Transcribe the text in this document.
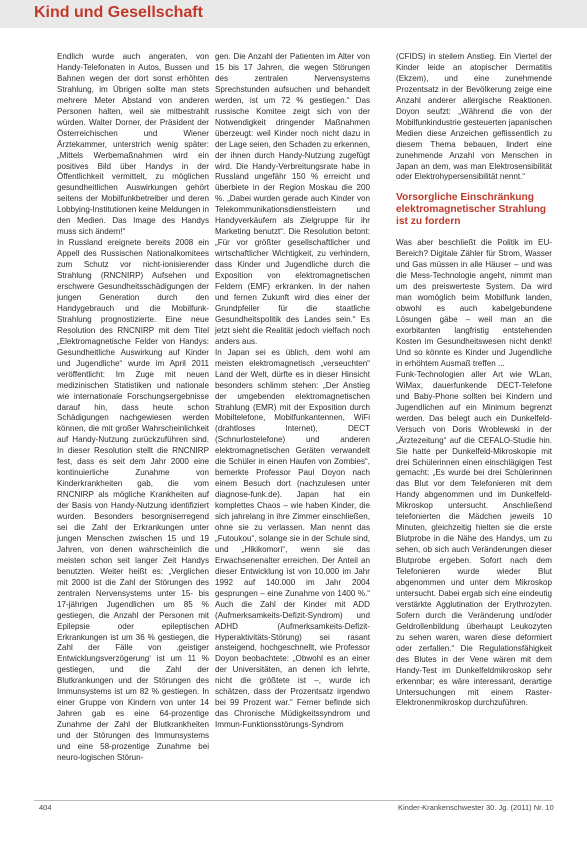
Kind und Gesellschaft

Endlich wurde auch angeraten, von Handy-Telefonaten in Autos, Bussen und Bahnen wegen der dort sonst erhöhten Strahlung, im Übrigen sollte man stets mehrere Meter Abstand von anderen Personen halten, weil sie mitbestrahlt würden. Walter Dorner, der Präsident der Österreichischen und Wiener Ärztekammer, unterstrich wenig später: „Mittels Werbemaßnahmen wird ein positives Bild über Handys in der Öffentlichkeit vermittelt, zu möglichen gesundheitlichen Auswirkungen gehört seitens der Mobilfunkbetreiber und deren Lobbying-Institutionen keine Meldungen in den Medien. Das Image des Handys muss sich ändern!“

In Russland ereignete bereits 2008 ein Appell des Russischen Nationalkomitees zum Schutz vor nicht-ionisierender Strahlung (RNCNIRP) Aufsehen und erschwere Gesundheitsschädigungen der jungen Generation durch den Handygebrauch und die Mobilfunk-Strahlung prognostizierte. Eine neue Resolution des RNCNIRP mit dem Titel „Elektromagnetische Felder von Handys: Gesundheitliche Auswirkung auf Kinder und Jugendliche“ wurde im April 2011 veröffentlicht: Im Zuge mit neuen medizinischen Statistiken und nationale wie internationale Forschungsergebnisse darauf hin, dass heute schon Schädigungen nachgewiesen werden können, die mit großer Wahrscheinlichkeit auf Handy-Nutzung zurückzuführen sind. In dieser Resolution stellt die RNCNIRP fest, dass es seit dem Jahr 2000 eine kontinuierliche Zunahme von Kinderkrankheiten gab, die vom RNCNIRP als mögliche Krankheiten auf der Basis von Handy-Nutzung identifiziert wurden. Besonders besorgniserregend sei die Zahl der Erkrankungen unter jungen Menschen zwischen 15 und 19 Jahren, von denen wahrscheinlich die meisten schon seit langer Zeit Handys benutzten. Weiter heißt es: „Verglichen mit 2000 ist die Zahl der Störungen des zentralen Nervensystems unter 15- bis 17-jährigen Jugendlichen um 85 % gestiegen, die Anzahl der Personen mit Epilepsie oder epileptischen Erkrankungen ist um 36 % gestiegen, die Zahl der Fälle von ‚geistiger Entwicklungsverzögerung‘ ist um 11 % gestiegen, und die Zahl der Blutkrankungen und der Störungen des Immunsystems ist um 82 % gestiegen. In einer Gruppe von Kindern von unter 14 Jahren gab es eine 64-prozentige Zunahme der Zahl der Blutkrankheiten und der Störungen des Immunsystems und eine 58-prozentige Zunahme bei neuro-logischen Störun-

gen. Die Anzahl der Patienten im Alter von 15 bis 17 Jahren, die wegen Störungen des zentralen Nervensystems Sprechstunden aufsuchen und behandelt werden, ist um 72 % gestiegen.“ Das russische Komitee zeigt sich von der Notwendigkeit dringender Maßnahmen überzeugt: weil Kinder noch nicht dazu in der Lage seien, den Schaden zu erkennen, der ihnen durch Handy-Nutzung zugefügt wird. Die Handy-Verbreitungsrate habe in Russland ungefähr 150 % erreicht und überbiete in der Region Moskau die 200 %. „Dabei wurden gerade auch Kinder von Telekommunikationsdienstleistern und Handyverkäufern als Zielgruppe für ihr Marketing benutzt“. Die Resolution betont: „Für vor größter gesellschaftlicher und wirtschaftlicher Wichtigkeit, zu verhindern, dass Kinder und Jugendliche durch die Exposition von elektromagnetischen Feldern (EMF) erkranken. In der nahen und fernen Zukunft wird dies einer der Grundpfeiler für die staatliche Gesundheitspolitik des Landes sein.“ Es jetzt sieht die Realität jedoch vielfach noch anders aus.

In Japan sei es üblich, dem wohl am meisten elektromagnetisch „verseuchten“ Land der Welt, dürfte es in dieser Hinsicht besonders schlimm stehen: „Der Anstieg der umgebenden elektromagnetischen Strahlung (EMR) mit der Exposition durch Mobiltelefone, Mobilfunkantennen, WiFi (drahtloses Internet), DECT (Schnurlostelefone) und anderen elektromagnetischen Geräten verwandelt die Schüler in einen Haufen von Zombies“, bemerkte Professor Paul Doyon nach einem Besuch dort (nachzulesen unter diagnose-funk.de). Japan hat ein komplettes Chaos – wie haben Kinder, die sich jahrelang in ihre Zimmer einschließen, ohne sie zu verlassen. Man nennt das „Futoukou“, solange sie in der Schule sind, und „Hikikomori“, wenn sie das Erwachsenenalter erreichen. Der Anteil an dieser Entwicklung ist von 10.000 im Jahr 1992 auf 140.000 im Jahr 2004 gesprungen – eine Zunahme von 1400 %.“ Auch die Zahl der Kinder mit ADD (Aufmerksamkeits-Defizit-Syndrom) und ADHD (Aufmerksamkeits-Defizit-Hyperaktivitäts-Störung) sei rasant ansteigend, hochgeschnellt, wie Professor Doyon beobachtete: „Obwohl es an einer der Universitäten, an denen ich lehrte, nicht die größtete ist –, wurde ich schätzen, dass der Prozentsatz irgendwo bei 99 Prozent war.“ Ferner befinde sich das Chronische Müdigkeitssyndrom und Immun-Funktionsstörungs-Syndrom

(CFIDS) in steilem Anstieg. Ein Viertel der Kinder leide an atopischer Dermatitis (Ekzem), und eine zunehmende Prozentsatz in der Bevölkerung zeige eine Anzahl anderer allergische Reaktionen. Doyon seufzt: „Während die von der Mobilfunkindustrie gesteuerten japanischen Medien diese Anzeichen geflissentlich zu diesem Thema bebauen, lindert eine zunehmende Anzahl von Menschen in Japan an dem, was man Elektrosensibilität oder Elektrohypersensibilität nennt.“

Vorsorgliche Einschränkung elektromagnetischer Strahlung ist zu fordern

Was aber beschließt die Politik im EU-Bereich? Digitale Zähler für Strom, Wasser und Gas müssen in alle Häuser – und was die Mess-Technologie angeht, nimmt man um des preiswerteste System. Da wird man womöglich beim Mobilfunk landen, obwohl es auch kabelgebundene Lösungen gäbe – weil man an die exorbitanten langfristig entstehenden Kosten im Gesundheitswesen nicht denkt! Und so könnte es Kinder und Jugendliche in erhöhtem Ausmaß treffen ...

Funk-Technologien aller Art wie WLan, WiMax, dauerfunkende DECT-Telefone und Baby-Phone sollten bei Kindern und Jugendlichen auf ein Minimum begrenzt werden. Das belegt auch ein Dunkelfeld-Versuch von Doris Wroblewski in der „Ärztezeitung“ auf die CEFALO-Studie hin. Sie hatte per Dunkelfeld-Mikroskopie mit drei Schülerinnen einen einschlägigen Test gemacht: „Es wurde bei drei Schülerinnen das Blut vor dem Telefonieren mit dem Handy abgenommen und im Dunkelfeld-Mikroskop untersucht. Anschließend telefonierten die Mädchen jeweils 10 Minuten, gleichzeitig hielten sie die erste Blutprobe in die Nähe des Handys, um zu sehen, ob sich auch Veränderungen dieser Blutprobe ergeben. Sofort nach dem Telefonieren wurde wieder Blut abgenommen und unter dem Mikroskop untersucht. Dabei ergab sich eine eindeutig verstärkte Agglutination der Erythrozyten. Sofern durch die Veränderung und/oder Geldrollenbildung überhaupt Leukozyten zu sehen waren, waren diese deformiert oder zerfallen.“ Die Regulationsfähigkeit des Blutes in der Vene wären mit dem Handy-Test im Dunkelfeldmikroskop sehr erkennbar; es wäre interessant, derartige Untersuchungen mit einem Raster-Elektronenmikroskop durchzuführen.

404	Kinder-Krankenschwester 30. Jg. (2011) Nr. 10
